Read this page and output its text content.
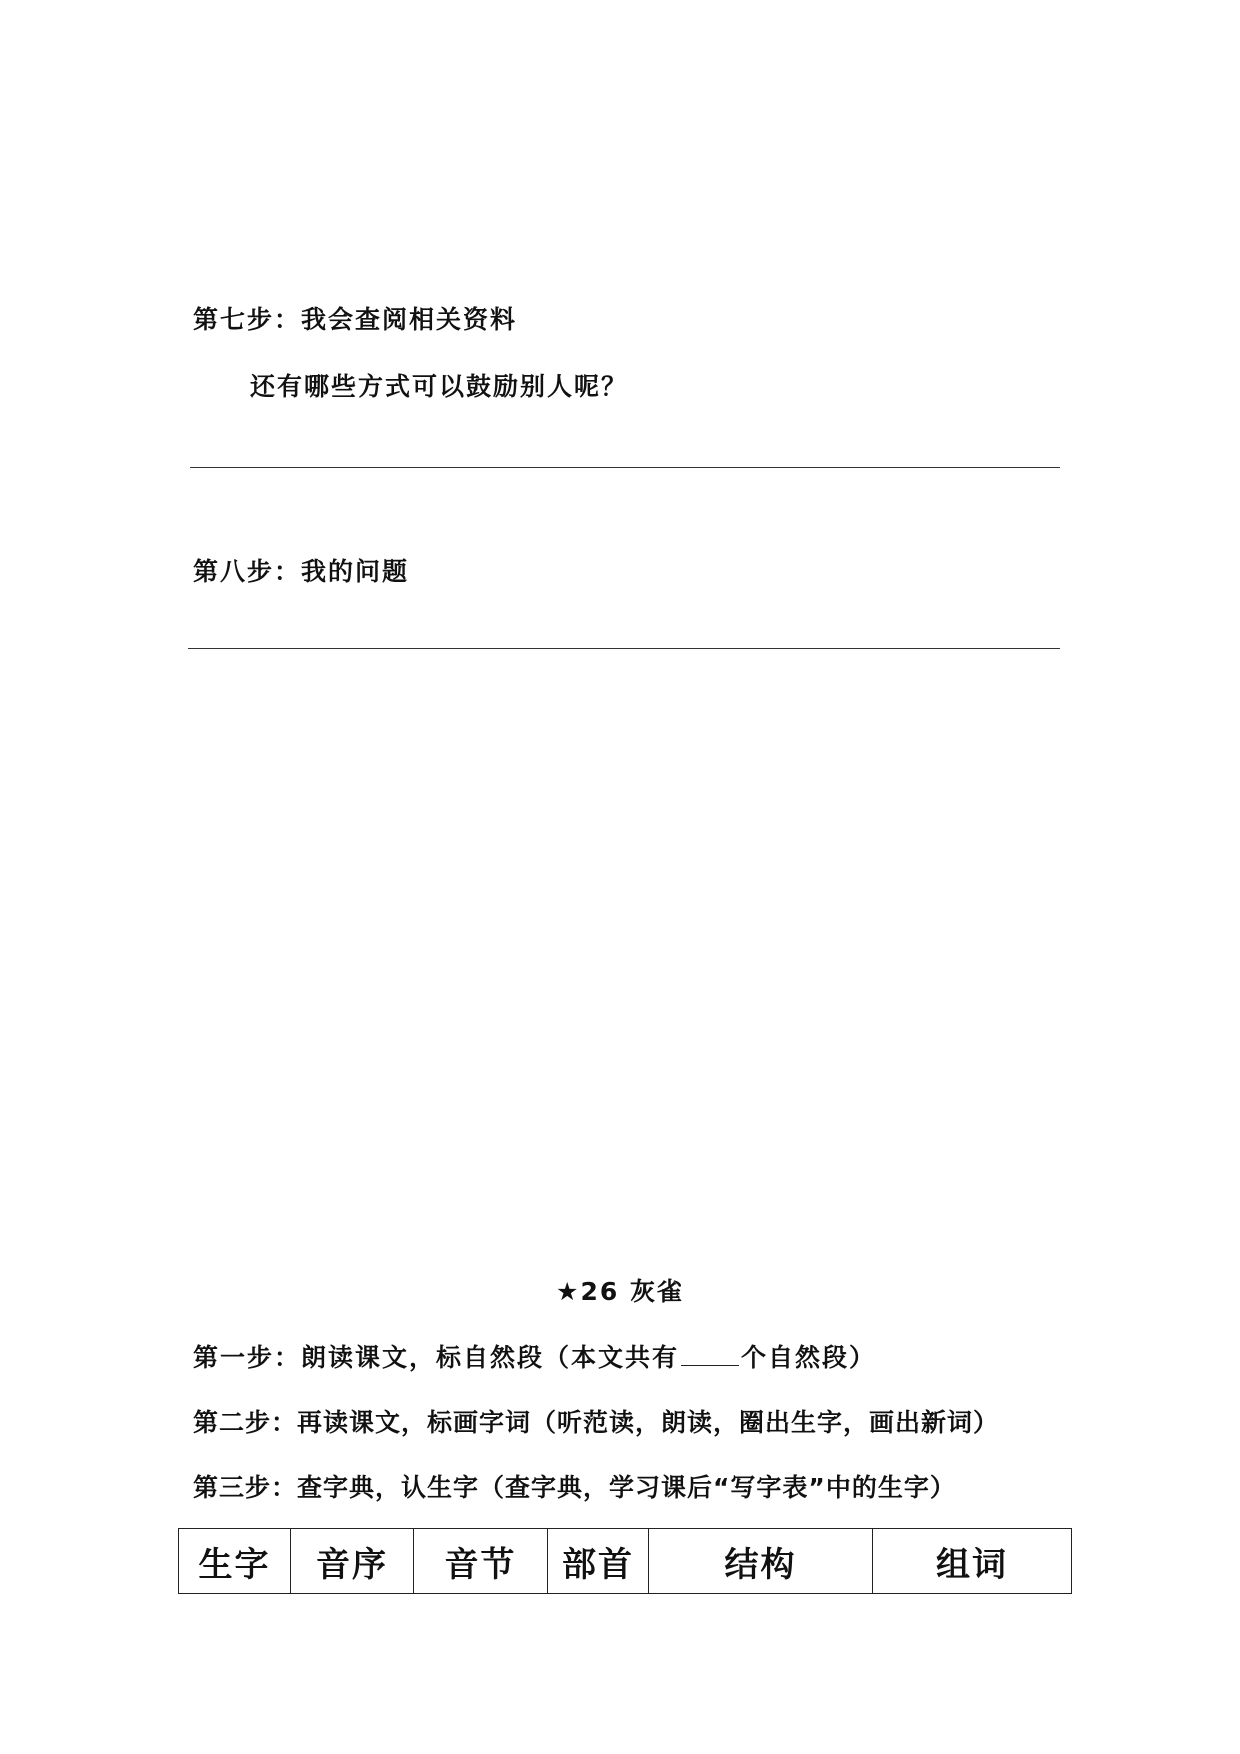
第七步：我会查阅相关资料
还有哪些方式可以鼓励别人呢？
第八步：我的问题
★26 灰雀
第一步：朗读课文，标自然段（本文共有 个自然段）
第二步：再读课文，标画字词（听范读，朗读，圈出生字，画出新词）
第三步：查字典，认生字（查字典，学习课后“写字表”中的生字）
生字	音序	音节	部首	结构	组词
